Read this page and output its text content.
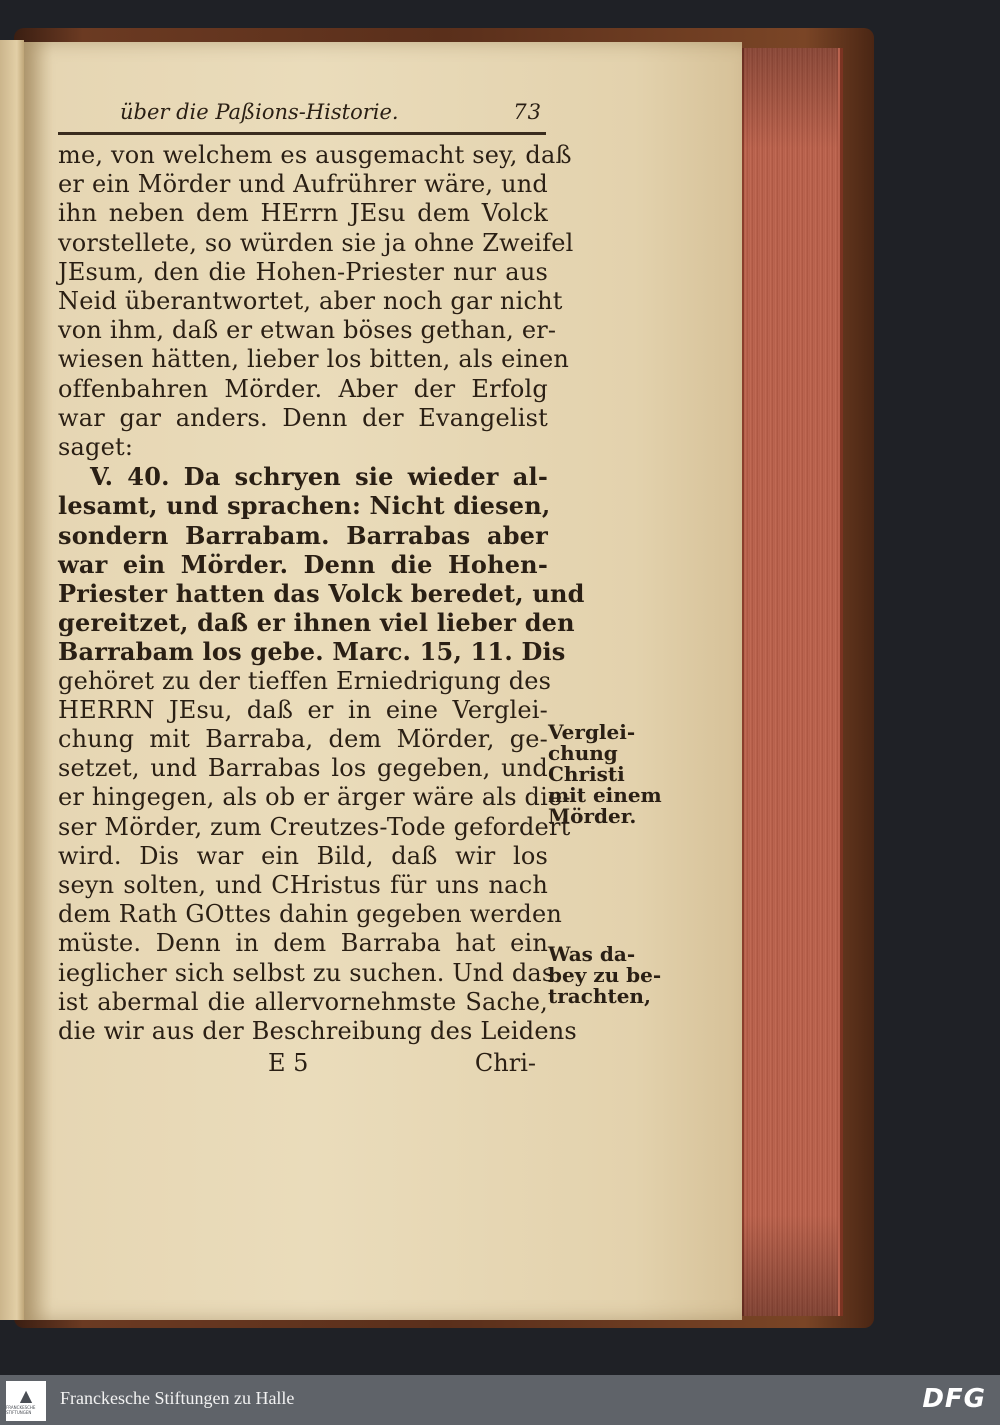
über die Paßions-Historie.	73
me, von welchem es ausgemacht sey, daß
er ein Mörder und Aufrührer wäre, und
ihn neben dem HErrn JEsu dem Volck
vorstellete, so würden sie ja ohne Zweifel
JEsum, den die Hohen-Priester nur aus
Neid überantwortet, aber noch gar nicht
von ihm, daß er etwan böses gethan, er-
wiesen hätten, lieber los bitten, als einen
offenbahren Mörder. Aber der Erfolg
war gar anders. Denn der Evangelist
saget:
V. 40. Da schryen sie wieder al-
lesamt, und sprachen: Nicht diesen,
sondern Barrabam. Barrabas aber
war ein Mörder. Denn die Hohen-
Priester hatten das Volck beredet, und
gereitzet, daß er ihnen viel lieber den
Barrabam los gebe. Marc. 15, 11. Dis
gehöret zu der tieffen Erniedrigung des
HERRN JEsu, daß er in eine Verglei-
chung mit Barraba, dem Mörder, ge-
setzet, und Barrabas los gegeben, und
er hingegen, als ob er ärger wäre als die-
ser Mörder, zum Creutzes-Tode gefordert
wird. Dis war ein Bild, daß wir los
seyn solten, und CHristus für uns nach
dem Rath GOttes dahin gegeben werden
müste. Denn in dem Barraba hat ein
ieglicher sich selbst zu suchen. Und das
ist abermal die allervornehmste Sache,
die wir aus der Beschreibung des Leidens
E 5	Chri-
Verglei-
chung
Christi
mit einem
Mörder.
Was da-
bey zu be-
trachten,
▲
FRANCKESCHE STIFTUNGEN
Franckesche Stiftungen zu Halle	DFG
